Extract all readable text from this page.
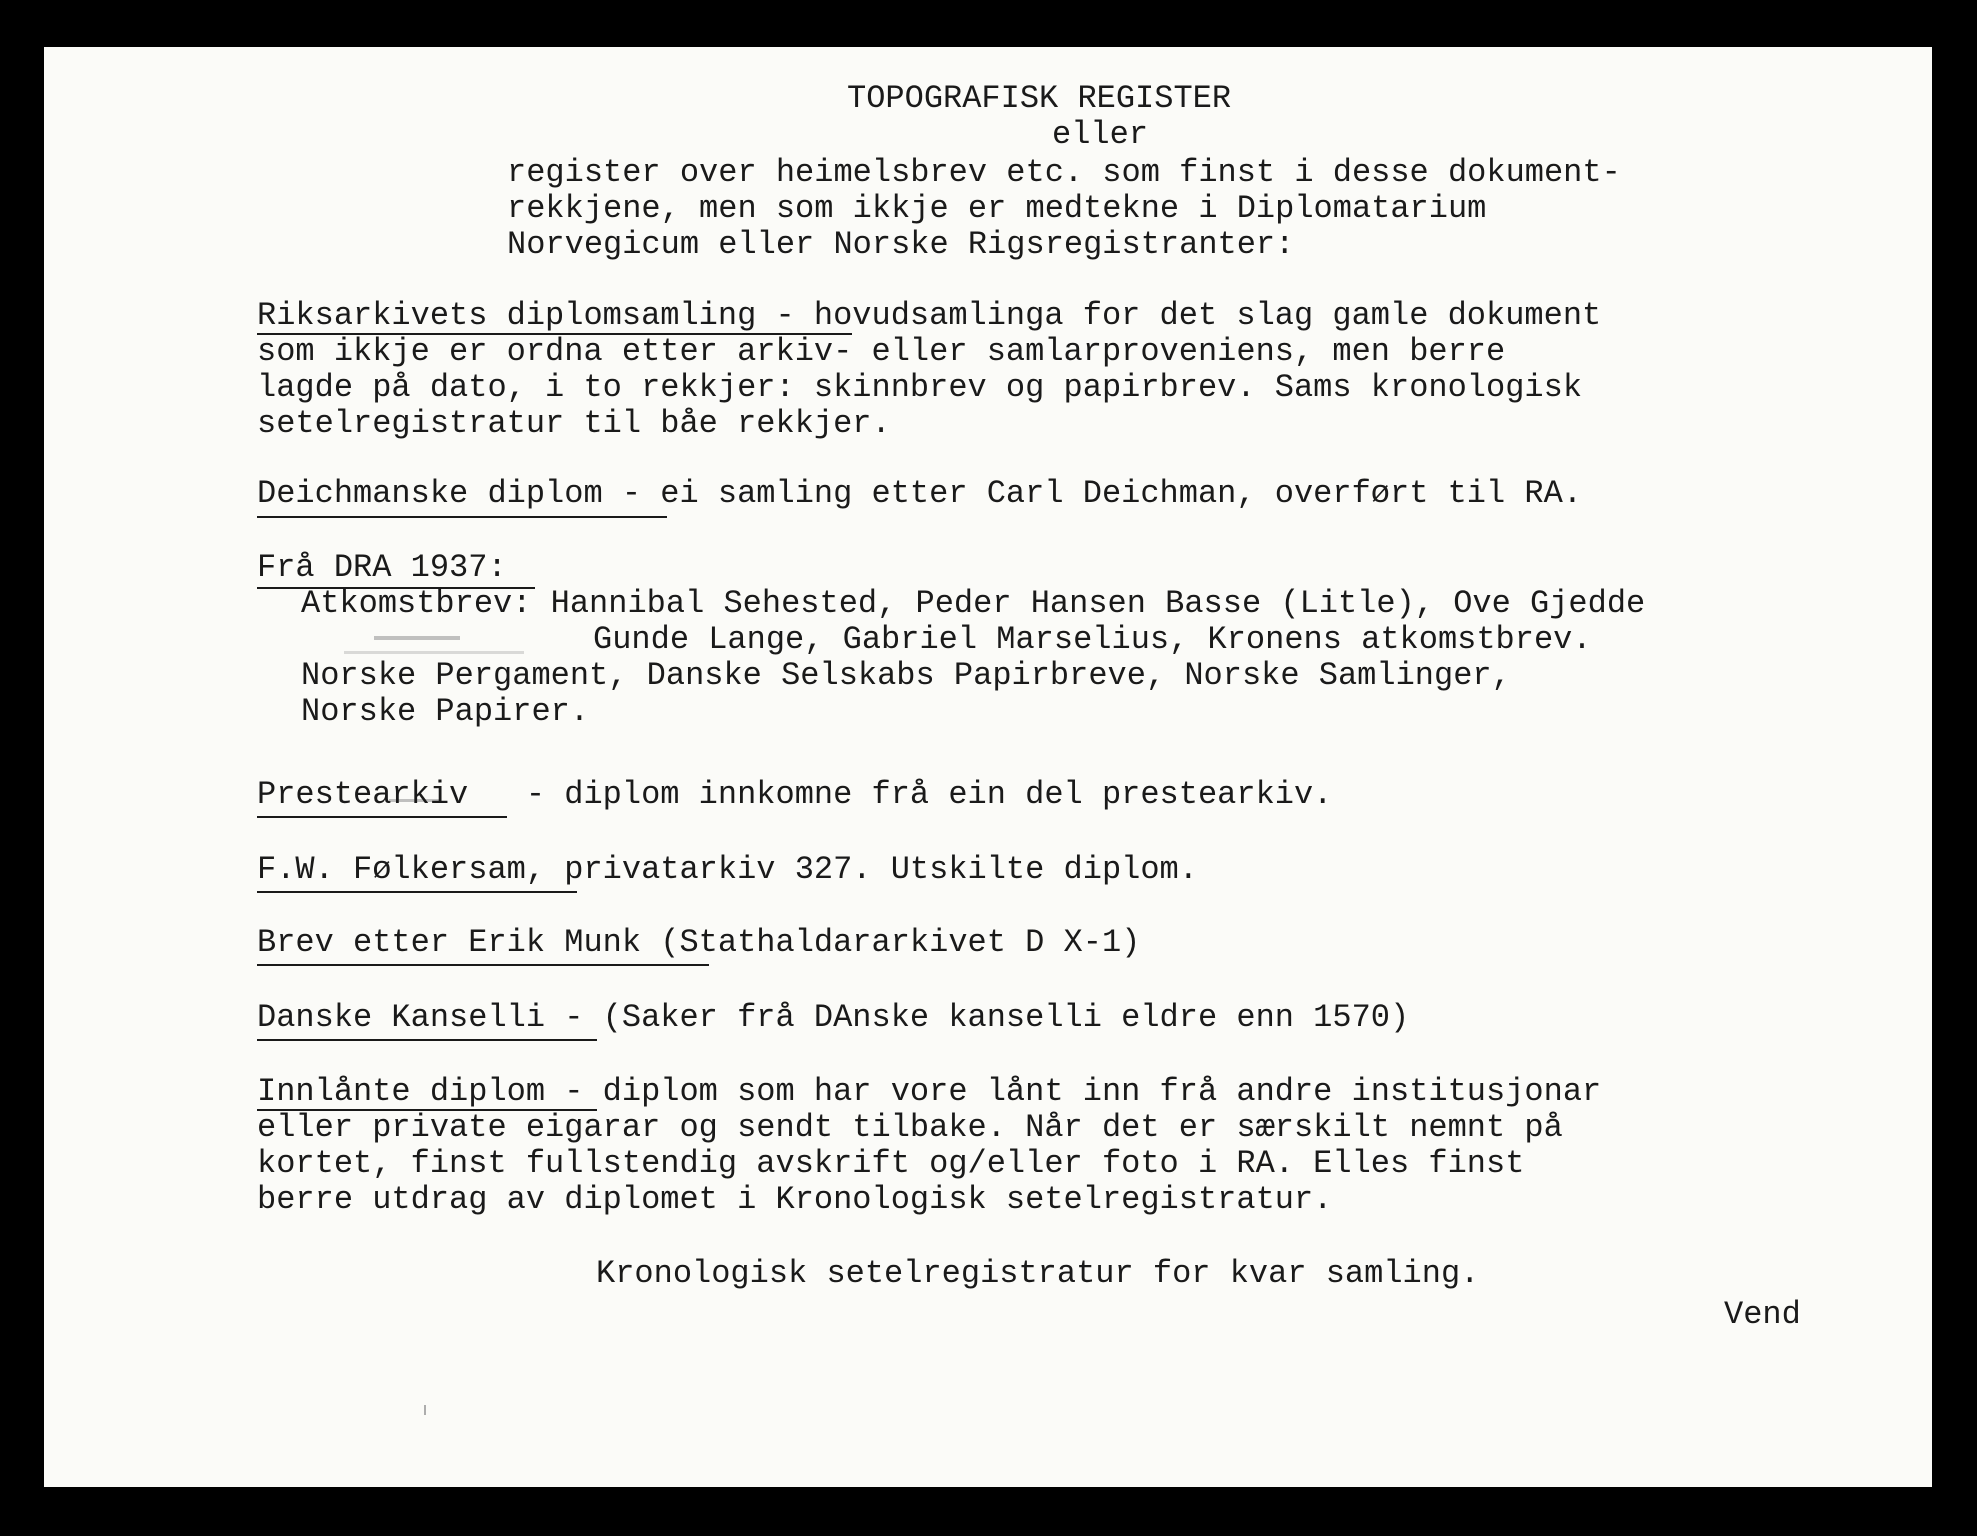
TOPOGRAFISK REGISTER
eller
register over heimelsbrev etc. som finst i desse dokument-
rekkjene, men som ikkje er medtekne i Diplomatarium
Norvegicum eller Norske Rigsregistranter:
Riksarkivets diplomsamling - hovudsamlinga for det slag gamle dokument
som ikkje er ordna etter arkiv- eller samlarproveniens, men berre
lagde på dato, i to rekkjer: skinnbrev og papirbrev. Sams kronologisk
setelregistratur til båe rekkjer.
Deichmanske diplom - ei samling etter Carl Deichman, overført til RA.
Frå DRA 1937:
Atkomstbrev: Hannibal Sehested, Peder Hansen Basse (Litle), Ove Gjedde
Gunde Lange, Gabriel Marselius, Kronens atkomstbrev.
Norske Pergament, Danske Selskabs Papirbreve, Norske Samlinger,
Norske Papirer.
Prestearkiv   - diplom innkomne frå ein del prestearkiv.
F.W. Følkersam, privatarkiv 327. Utskilte diplom.
Brev etter Erik Munk (Stathaldararkivet D X-1)
Danske Kanselli - (Saker frå DAnske kanselli eldre enn 1570)
Innlånte diplom - diplom som har vore lånt inn frå andre institusjonar
eller private eigarar og sendt tilbake. Når det er særskilt nemnt på
kortet, finst fullstendig avskrift og/eller foto i RA. Elles finst
berre utdrag av diplomet i Kronologisk setelregistratur.
Kronologisk setelregistratur for kvar samling.
Vend
